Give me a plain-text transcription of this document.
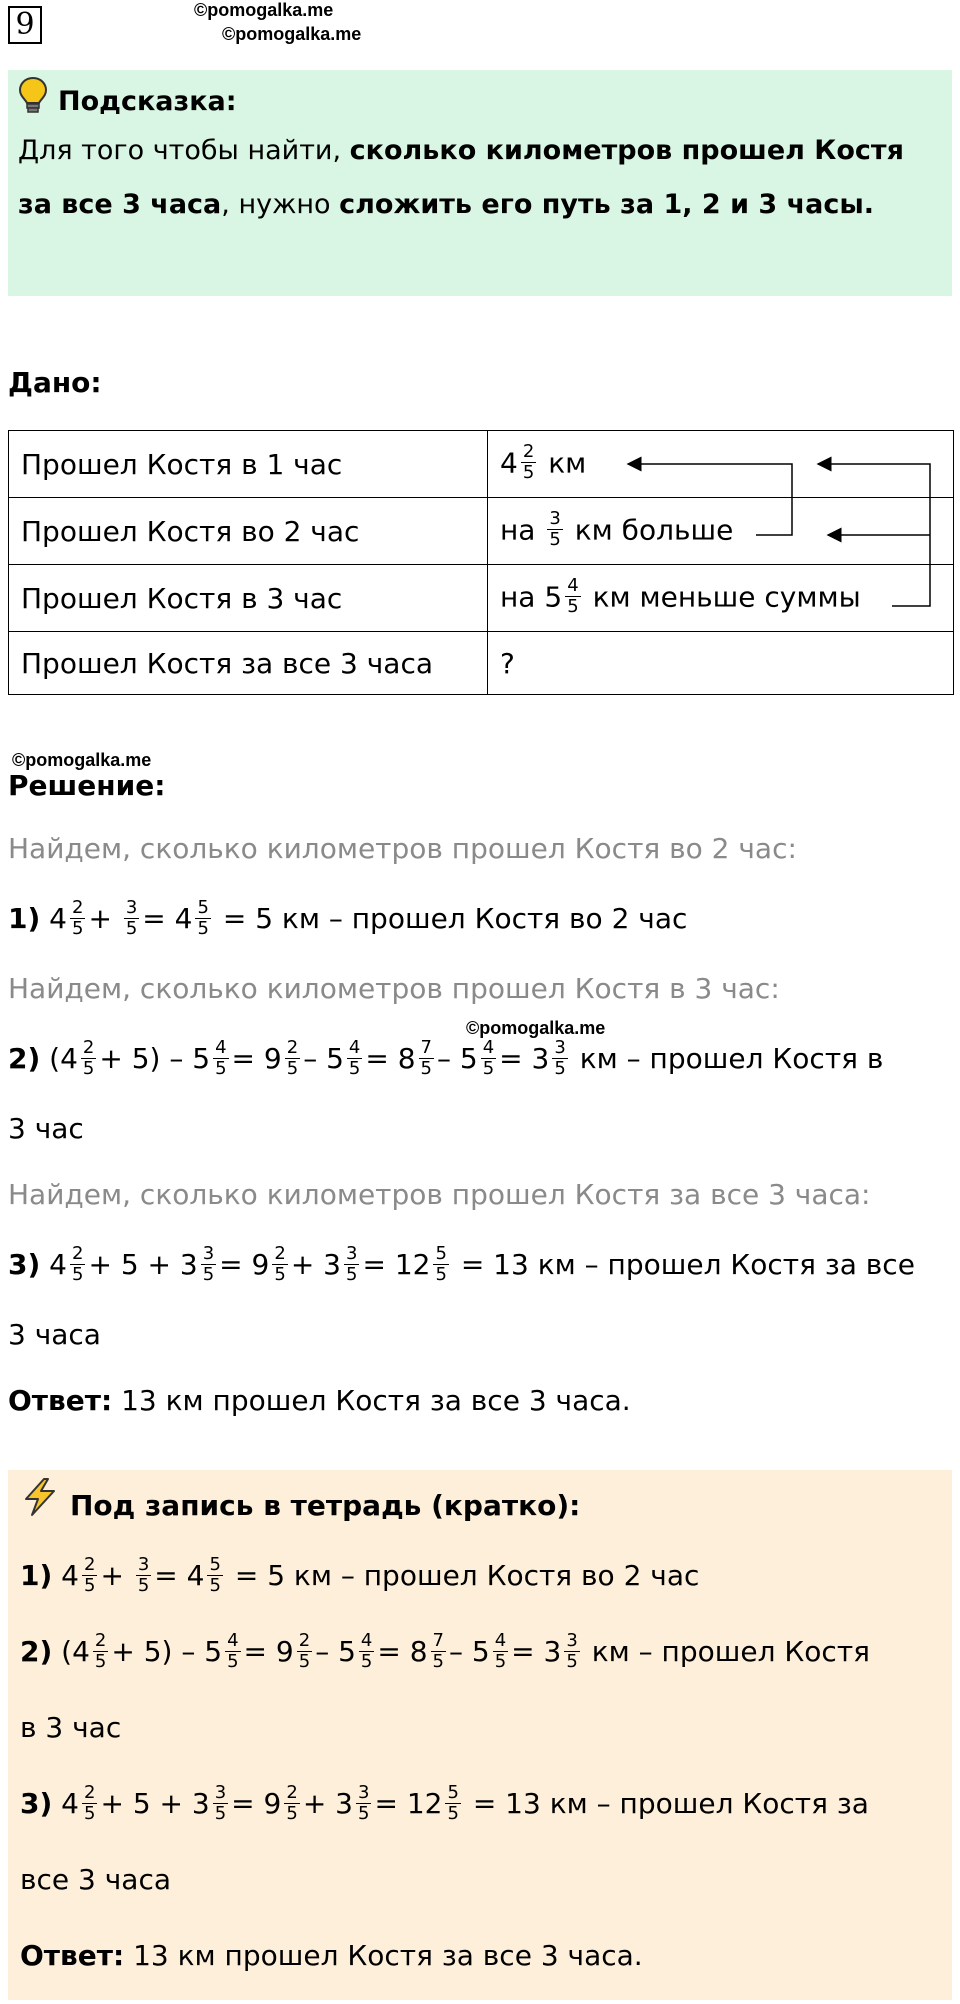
9	©pomogalka.me
©pomogalka.me
Подсказка:
Для того чтобы найти, сколько километров прошел Костя за все 3 часа, нужно сложить его путь за 1, 2 и 3 часы.
Дано:
Прошел Костя в 1 час	$4 \frac{2}{5}$ км
Прошел Костя во 2 час	на $\frac{3}{5}$ км больше
Прошел Костя в 3 час	на $5 \frac{4}{5}$ км меньше суммы
Прошел Костя за все 3 часа	?
©pomogalka.me
Решение:
Найдем, сколько километров прошел Костя во 2 час:
1) $4 \frac{2}{5} + \frac{3}{5} = 4 \frac{5}{5} = 5$ км – прошел Костя во 2 час
Найдем, сколько километров прошел Костя в 3 час:
2) $(4 \frac{2}{5} + 5) - 5 \frac{4}{5} = 9 \frac{2}{5} - 5 \frac{4}{5} = 8 \frac{7}{5} - 5 \frac{4}{5} = 3 \frac{3}{5}$ км – прошел Костя в
3 час
Найдем, сколько километров прошел Костя за все 3 часа:
3) $4 \frac{2}{5} + 5 + 3 \frac{3}{5} = 9 \frac{2}{5} + 3 \frac{3}{5} = 12 \frac{5}{5} = 13$ км – прошел Костя за все
3 часа
Ответ: 13 км прошел Костя за все 3 часа.
©pomogalka.me
Под запись в тетрадь (кратко):
1) $4 \frac{2}{5} + \frac{3}{5} = 4 \frac{5}{5} = 5$ км – прошел Костя во 2 час
2) $(4 \frac{2}{5} + 5) - 5 \frac{4}{5} = 9 \frac{2}{5} - 5 \frac{4}{5} = 8 \frac{7}{5} - 5 \frac{4}{5} = 3 \frac{3}{5}$ км – прошел Костя
в 3 час
3) $4 \frac{2}{5} + 5 + 3 \frac{3}{5} = 9 \frac{2}{5} + 3 \frac{3}{5} = 12 \frac{5}{5} = 13$ км – прошел Костя за
все 3 часа
Ответ: 13 км прошел Костя за все 3 часа.
